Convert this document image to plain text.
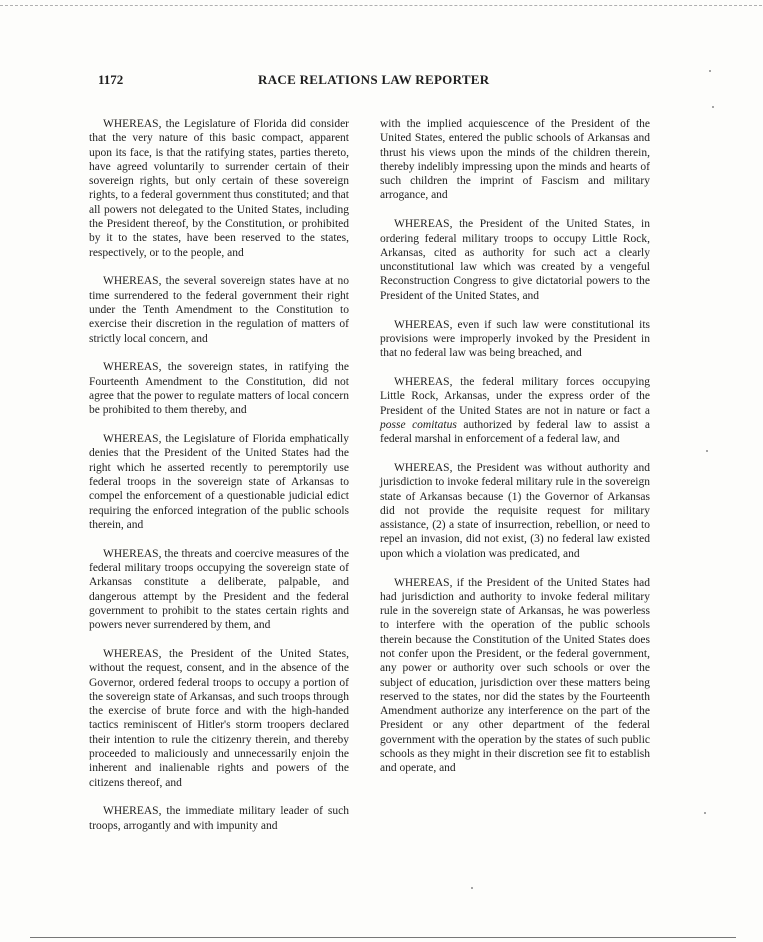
1172	RACE RELATIONS LAW REPORTER

WHEREAS, the Legislature of Florida did consider that the very nature of this basic compact, apparent upon its face, is that the ratifying states, parties thereto, have agreed voluntarily to surrender certain of their sovereign rights, but only certain of these sovereign rights, to a federal government thus constituted; and that all powers not delegated to the United States, including the President thereof, by the Constitution, or prohibited by it to the states, have been reserved to the states, respectively, or to the people, and

WHEREAS, the several sovereign states have at no time surrendered to the federal government their right under the Tenth Amendment to the Constitution to exercise their discretion in the regulation of matters of strictly local concern, and

WHEREAS, the sovereign states, in ratifying the Fourteenth Amendment to the Constitution, did not agree that the power to regulate matters of local concern be prohibited to them thereby, and

WHEREAS, the Legislature of Florida emphatically denies that the President of the United States had the right which he asserted recently to peremptorily use federal troops in the sovereign state of Arkansas to compel the enforcement of a questionable judicial edict requiring the enforced integration of the public schools therein, and

WHEREAS, the threats and coercive measures of the federal military troops occupying the sovereign state of Arkansas constitute a deliberate, palpable, and dangerous attempt by the President and the federal government to prohibit to the states certain rights and powers never surrendered by them, and

WHEREAS, the President of the United States, without the request, consent, and in the absence of the Governor, ordered federal troops to occupy a portion of the sovereign state of Arkansas, and such troops through the exercise of brute force and with the high-handed tactics reminiscent of Hitler's storm troopers declared their intention to rule the citizenry therein, and thereby proceeded to maliciously and unnecessarily enjoin the inherent and inalienable rights and powers of the citizens thereof, and

WHEREAS, the immediate military leader of such troops, arrogantly and with impunity and

with the implied acquiescence of the President of the United States, entered the public schools of Arkansas and thrust his views upon the minds of the children therein, thereby indelibly impressing upon the minds and hearts of such children the imprint of Fascism and military arrogance, and

WHEREAS, the President of the United States, in ordering federal military troops to occupy Little Rock, Arkansas, cited as authority for such act a clearly unconstitutional law which was created by a vengeful Reconstruction Congress to give dictatorial powers to the President of the United States, and

WHEREAS, even if such law were constitutional its provisions were improperly invoked by the President in that no federal law was being breached, and

WHEREAS, the federal military forces occupying Little Rock, Arkansas, under the express order of the President of the United States are not in nature or fact a posse comitatus authorized by federal law to assist a federal marshal in enforcement of a federal law, and

WHEREAS, the President was without authority and jurisdiction to invoke federal military rule in the sovereign state of Arkansas because (1) the Governor of Arkansas did not provide the requisite request for military assistance, (2) a state of insurrection, rebellion, or need to repel an invasion, did not exist, (3) no federal law existed upon which a violation was predicated, and

WHEREAS, if the President of the United States had had jurisdiction and authority to invoke federal military rule in the sovereign state of Arkansas, he was powerless to interfere with the operation of the public schools therein because the Constitution of the United States does not confer upon the President, or the federal government, any power or authority over such schools or over the subject of education, jurisdiction over these matters being reserved to the states, nor did the states by the Fourteenth Amendment authorize any interference on the part of the President or any other department of the federal government with the operation by the states of such public schools as they might in their discretion see fit to establish and operate, and
